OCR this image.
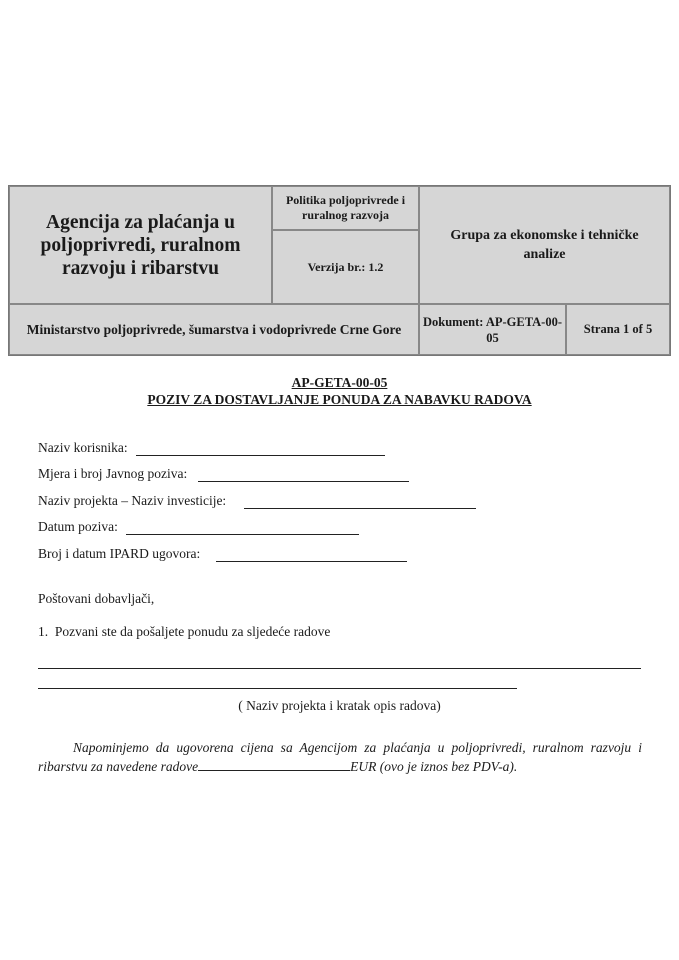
Agencija za plaćanja u poljoprivredi, ruralnom razvoju i ribarstvu
Politika poljoprivrede i ruralnog razvoja
Verzija br.: 1.2
Grupa za ekonomske i tehničke analize
Ministarstvo poljoprivrede, šumarstva i vodoprivrede Crne Gore	Dokument: AP-GETA-00-05
Strana 1 of 5
AP-GETA-00-05
POZIV ZA DOSTAVLJANJE PONUDA ZA NABAVKU RADOVA
Naziv korisnika:
Mjera i broj Javnog poziva:
Naziv projekta – Naziv investicije:
Datum poziva:
Broj i datum IPARD ugovora:
Poštovani dobavljači,
1.  Pozvani ste da pošaljete ponudu za sljedeće radove
( Naziv projekta i kratak opis radova)
Napominjemo da ugovorena cijena sa Agencijom za plaćanja u poljoprivredi, ruralnom razvoju i ribarstvu za navedene radove	EUR (ovo je iznos bez PDV-a).
